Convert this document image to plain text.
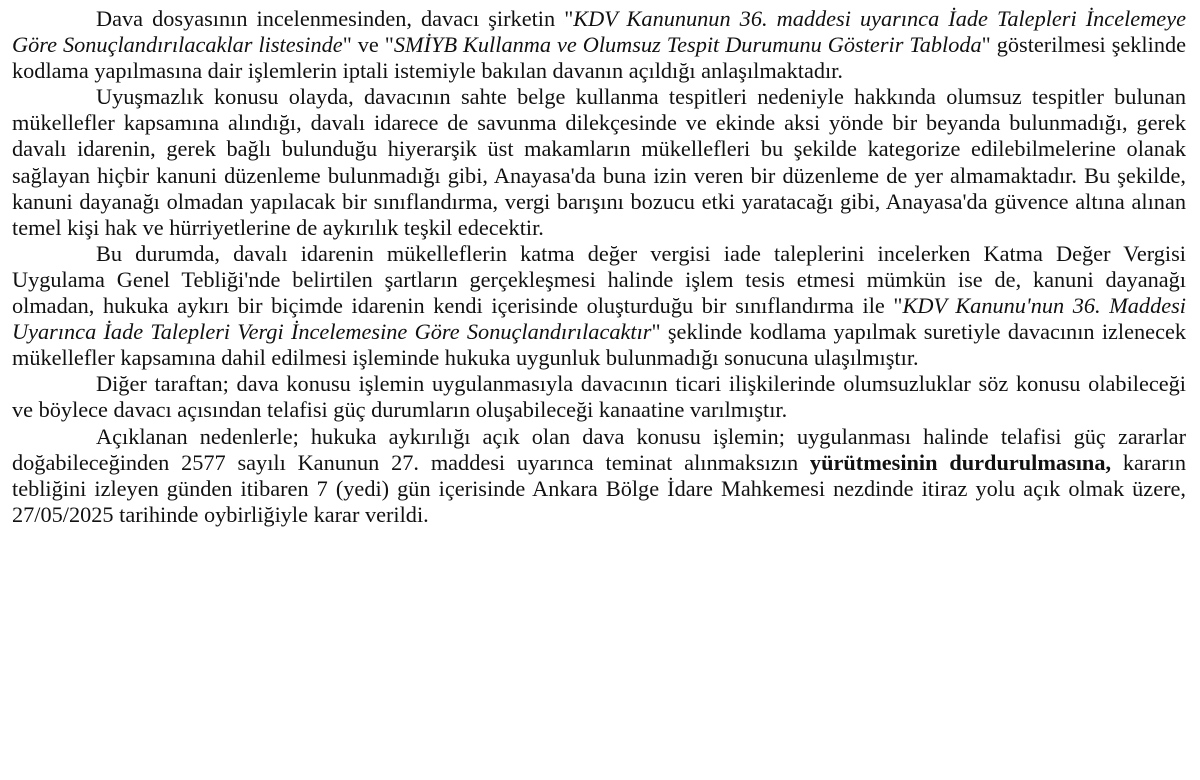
Dava dosyasının incelenmesinden, davacı şirketin "KDV Kanununun 36. maddesi uyarınca İade Talepleri İncelemeye Göre Sonuçlandırılacaklar listesinde" ve "SMİYB Kullanma ve Olumsuz Tespit Durumunu Gösterir Tabloda" gösterilmesi şeklinde kodlama yapılmasına dair işlemlerin iptali istemiyle bakılan davanın açıldığı anlaşılmaktadır.

Uyuşmazlık konusu olayda, davacının sahte belge kullanma tespitleri nedeniyle hakkında olumsuz tespitler bulunan mükellefler kapsamına alındığı, davalı idarece de savunma dilekçesinde ve ekinde aksi yönde bir beyanda bulunmadığı, gerek davalı idarenin, gerek bağlı bulunduğu hiyerarşik üst makamların mükellefleri bu şekilde kategorize edilebilmelerine olanak sağlayan hiçbir kanuni düzenleme bulunmadığı gibi, Anayasa'da buna izin veren bir düzenleme de yer almamaktadır. Bu şekilde, kanuni dayanağı olmadan yapılacak bir sınıflandırma, vergi barışını bozucu etki yaratacağı gibi, Anayasa'da güvence altına alınan temel kişi hak ve hürriyetlerine de aykırılık teşkil edecektir.

Bu durumda, davalı idarenin mükelleflerin katma değer vergisi iade taleplerini incelerken Katma Değer Vergisi Uygulama Genel Tebliği'nde belirtilen şartların gerçekleşmesi halinde işlem tesis etmesi mümkün ise de, kanuni dayanağı olmadan, hukuka aykırı bir biçimde idarenin kendi içerisinde oluşturduğu bir sınıflandırma ile "KDV Kanunu'nun 36. Maddesi Uyarınca İade Talepleri Vergi İncelemesine Göre Sonuçlandırılacaktır" şeklinde kodlama yapılmak suretiyle davacının izlenecek mükellefler kapsamına dahil edilmesi işleminde hukuka uygunluk bulunmadığı sonucuna ulaşılmıştır.

Diğer taraftan; dava konusu işlemin uygulanmasıyla davacının ticari ilişkilerinde olumsuzluklar söz konusu olabileceği ve böylece davacı açısından telafisi güç durumların oluşabileceği kanaatine varılmıştır.

Açıklanan nedenlerle; hukuka aykırılığı açık olan dava konusu işlemin; uygulanması halinde telafisi güç zararlar doğabileceğinden 2577 sayılı Kanunun 27. maddesi uyarınca teminat alınmaksızın yürütmesinin durdurulmasına, kararın tebliğini izleyen günden itibaren 7 (yedi) gün içerisinde Ankara Bölge İdare Mahkemesi nezdinde itiraz yolu açık olmak üzere, 27/05/2025 tarihinde oybirliğiyle karar verildi.
